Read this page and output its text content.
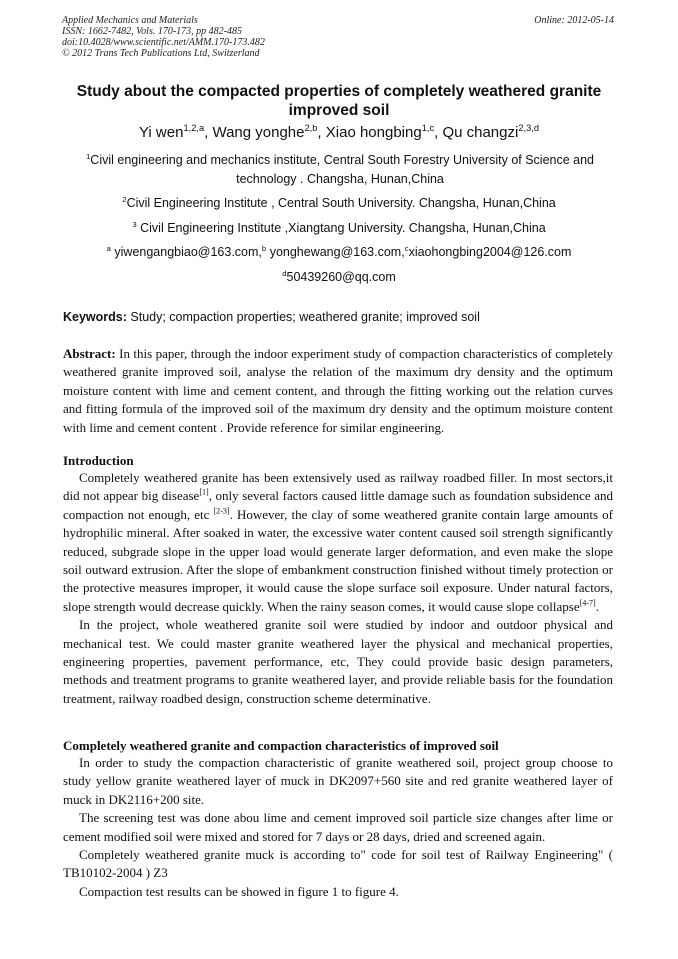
Applied Mechanics and Materials
ISSN: 1662-7482, Vols. 170-173, pp 482-485
doi:10.4028/www.scientific.net/AMM.170-173.482
© 2012 Trans Tech Publications Ltd, Switzerland
Online: 2012-05-14
Study about the compacted properties of completely weathered granite improved soil
Yi wen$^{1,2,a}$, Wang yonghe$^{2,b}$, Xiao hongbing$^{1,c}$, Qu changzi$^{2,3,d}$
$^1$Civil engineering and mechanics institute, Central South Forestry University of Science and technology . Changsha, Hunan,China
$^2$Civil Engineering Institute , Central South University. Changsha, Hunan,China
$^3$ Civil Engineering Institute ,Xiangtang University. Changsha, Hunan,China
$^a$ yiwengangbiao@163.com,$^b$ yonghewang@163.com,$^c$xiaohongbing2004@126.com
$^d$50439260@qq.com
Keywords: Study; compaction properties; weathered granite; improved soil

Abstract: In this paper, through the indoor experiment study of compaction characteristics of completely weathered granite improved soil, analyse the relation of the maximum dry density and the optimum moisture content with lime and cement content, and through the fitting working out the relation curves and fitting formula of the improved soil of the maximum dry density and the optimum moisture content with lime and cement content . Provide reference for similar engineering.

Introduction

Completely weathered granite has been extensively used as railway roadbed filler. In most sectors,it did not appear big disease[1], only several factors caused little damage such as foundation subsidence and compaction not enough, etc [2-3]. However, the clay of some weathered granite contain large amounts of hydrophilic mineral. After soaked in water, the excessive water content caused soil strength significantly reduced, subgrade slope in the upper load would generate larger deformation, and even make the slope soil outward extrusion. After the slope of embankment construction finished without timely protection or the protective measures improper, it would cause the slope surface soil exposure. Under natural factors, slope strength would decrease quickly. When the rainy season comes, it would cause slope collapse[4-7].

In the project, whole weathered granite soil were studied by indoor and outdoor physical and mechanical test. We could master granite weathered layer the physical and mechanical properties, engineering properties, pavement performance, etc, They could provide basic design parameters, methods and treatment programs to granite weathered layer, and provide reliable basis for the foundation treatment, railway roadbed design, construction scheme determinative.

Completely weathered granite and compaction characteristics of improved soil

In order to study the compaction characteristic of granite weathered soil, project group choose to study yellow granite weathered layer of muck in DK2097+560 site and red granite weathered layer of muck in DK2116+200 site.

The screening test was done abou lime and cement improved soil particle size changes after lime or cement modified soil were mixed and stored for 7 days or 28 days, dried and screened again.

Completely weathered granite muck is according to" code for soil test of Railway Engineering" ( TB10102-2004 ) Z3

Compaction test results can be showed in figure 1 to figure 4.
